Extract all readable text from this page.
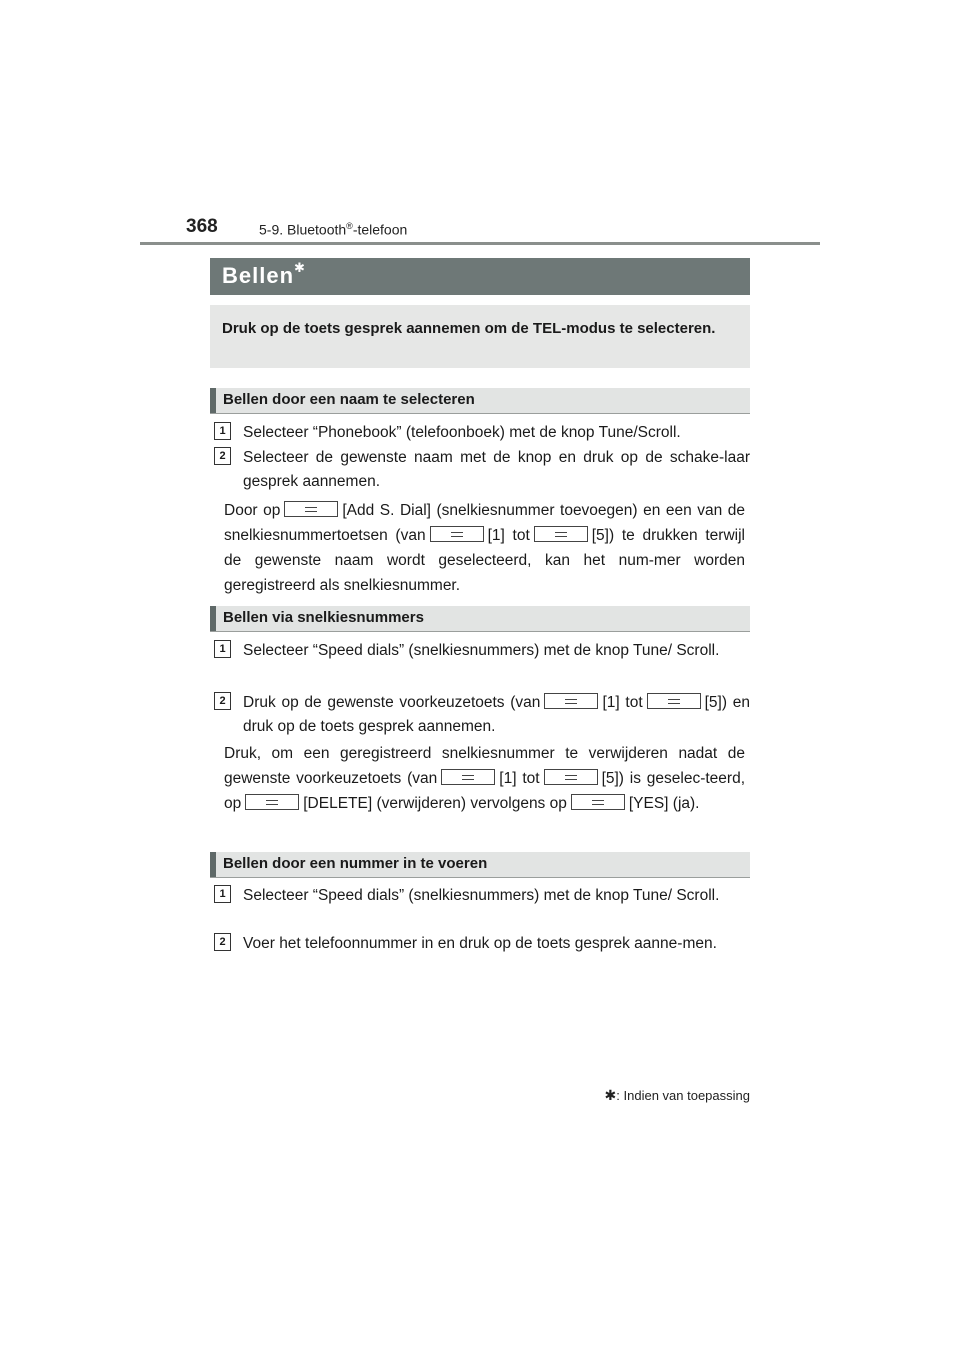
368	5-9. Bluetooth®-telefoon
Bellen✱

Druk op de toets gesprek aannemen om de TEL-modus te selecteren.

Bellen door een naam te selecteren
1	Selecteer “Phonebook” (telefoonboek) met de knop Tune/Scroll.
2	Selecteer de gewenste naam met de knop en druk op de schake-laar gesprek aannemen.
Door op	[Add S. Dial] (snelkiesnummer toevoegen) en een van de snelkiesnummertoetsen (van	[1] tot	[5]) te drukken terwijl de gewenste naam wordt geselecteerd, kan het num-mer worden geregistreerd als snelkiesnummer.
Bellen via snelkiesnummers
1	Selecteer “Speed dials” (snelkiesnummers) met de knop Tune/ Scroll.
2	Druk op de gewenste voorkeuzetoets (van	[1] tot	[5]) en druk op de toets gesprek aannemen.
Druk, om een geregistreerd snelkiesnummer te verwijderen nadat de gewenste voorkeuzetoets (van	[1] tot	[5]) is geselec-teerd, op	[DELETE] (verwijderen) vervolgens op	[YES] (ja).
Bellen door een nummer in te voeren
1	Selecteer “Speed dials” (snelkiesnummers) met de knop Tune/ Scroll.
2	Voer het telefoonnummer in en druk op de toets gesprek aanne-men.
✱: Indien van toepassing
